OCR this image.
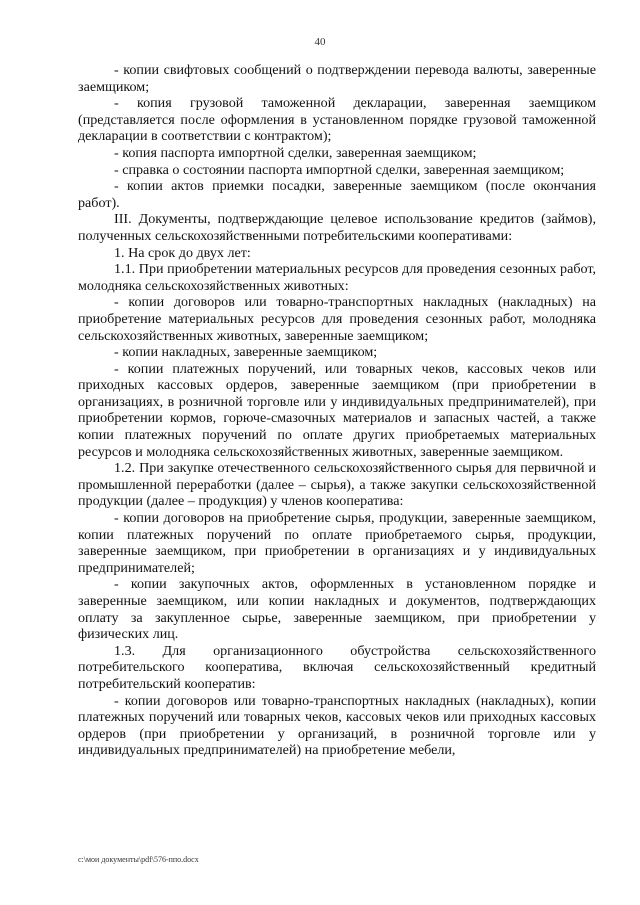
40

- копии свифтовых сообщений о подтверждении перевода валюты, заверенные заемщиком;

- копия грузовой таможенной декларации, заверенная заемщиком (представляется после оформления в установленном порядке грузовой таможенной декларации в соответствии с контрактом);

- копия паспорта импортной сделки, заверенная заемщиком;

- справка о состоянии паспорта импортной сделки, заверенная заемщиком;

- копии актов приемки посадки, заверенные заемщиком (после окончания работ).

III. Документы, подтверждающие целевое использование кредитов (займов), полученных сельскохозяйственными потребительскими кооперативами:

1. На срок до двух лет:

1.1. При приобретении материальных ресурсов для проведения сезонных работ, молодняка сельскохозяйственных животных:

- копии договоров или товарно-транспортных накладных (накладных) на приобретение материальных ресурсов для проведения сезонных работ, молодняка сельскохозяйственных животных, заверенные заемщиком;

- копии накладных, заверенные заемщиком;

- копии платежных поручений, или товарных чеков, кассовых чеков или приходных кассовых ордеров, заверенные заемщиком (при приобретении в организациях, в розничной торговле или у индивидуальных предпринимателей), при приобретении кормов, горюче-смазочных материалов и запасных частей, а также копии платежных поручений по оплате других приобретаемых материальных ресурсов и молодняка сельскохозяйственных животных, заверенные заемщиком.

1.2. При закупке отечественного сельскохозяйственного сырья для первичной и промышленной переработки (далее – сырья), а также закупки сельскохозяйственной продукции (далее – продукция) у членов кооператива:

- копии договоров на приобретение сырья, продукции, заверенные заемщиком, копии платежных поручений по оплате приобретаемого сырья, продукции, заверенные заемщиком, при приобретении в организациях и у индивидуальных предпринимателей;

- копии закупочных актов, оформленных в установленном порядке и заверенные заемщиком, или копии накладных и документов, подтверждающих оплату за закупленное сырье, заверенные заемщиком, при приобретении у физических лиц.

1.3. Для организационного обустройства сельскохозяйственного потребительского кооператива, включая сельскохозяйственный кредитный потребительский кооператив:

- копии договоров или товарно-транспортных накладных (накладных), копии платежных поручений или товарных чеков, кассовых чеков или приходных кассовых ордеров (при приобретении у организаций, в розничной торговле или у индивидуальных предпринимателей) на приобретение мебели,

c:\мои документы\pdf\576-ппо.docx
